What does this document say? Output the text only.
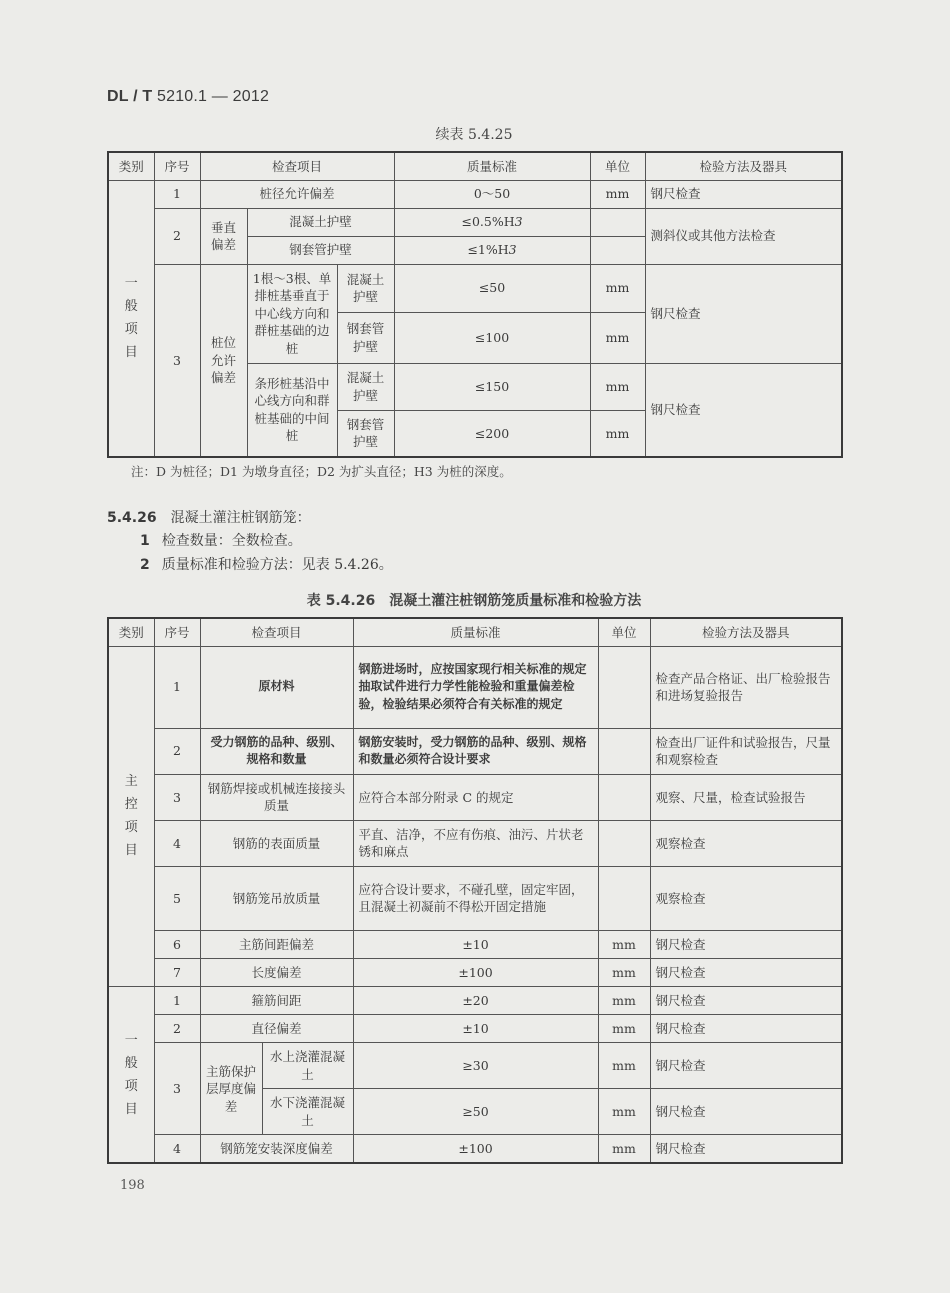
DL / T 5210.1 — 2012
续表 5.4.25
类别	序号	检查项目			质量标准	单位	检验方法及器具
一般项目	1	桩径允许偏差			0～50	mm	钢尺检查
	2	垂直偏差	混凝土护壁		≤0.5%H3		测斜仪或其他方法检查
			钢套管护壁		≤1%H3		
	3	桩位允许偏差	1根～3根、单排桩基垂直于中心线方向和群桩基础的边桩	混凝土护壁	≤50	mm	钢尺检查
				钢套管护壁	≤100	mm	
			条形桩基沿中心线方向和群桩基础的中间桩	混凝土护壁	≤150	mm	钢尺检查
				钢套管护壁	≤200	mm	
注：D 为桩径；D1 为墩身直径；D2 为扩头直径；H3 为桩的深度。
5.4.26 混凝土灌注桩钢筋笼：
1 检查数量：全数检查。
2 质量标准和检验方法：见表 5.4.26。
表 5.4.26　混凝土灌注桩钢筋笼质量标准和检验方法
类别	序号	检查项目		质量标准	单位	检验方法及器具
主控项目	1	原材料		钢筋进场时，应按国家现行相关标准的规定抽取试件进行力学性能检验和重量偏差检验，检验结果必须符合有关标准的规定		检查产品合格证、出厂检验报告和进场复验报告
	2	受力钢筋的品种、级别、规格和数量		钢筋安装时，受力钢筋的品种、级别、规格和数量必须符合设计要求		检查出厂证件和试验报告，尺量和观察检查
	3	钢筋焊接或机械连接接头质量		应符合本部分附录 C 的规定		观察、尺量，检查试验报告
	4	钢筋的表面质量		平直、洁净，不应有伤痕、油污、片状老锈和麻点		观察检查
	5	钢筋笼吊放质量		应符合设计要求，不碰孔壁，固定牢固，且混凝土初凝前不得松开固定措施		观察检查
	6	主筋间距偏差		±10	mm	钢尺检查
	7	长度偏差		±100	mm	钢尺检查
一般项目	1	箍筋间距		±20	mm	钢尺检查
	2	直径偏差		±10	mm	钢尺检查
	3	主筋保护层厚度偏差	水上浇灌混凝土	≥30	mm	钢尺检查
			水下浇灌混凝土	≥50	mm	钢尺检查
	4	钢筋笼安装深度偏差		±100	mm	钢尺检查
198
